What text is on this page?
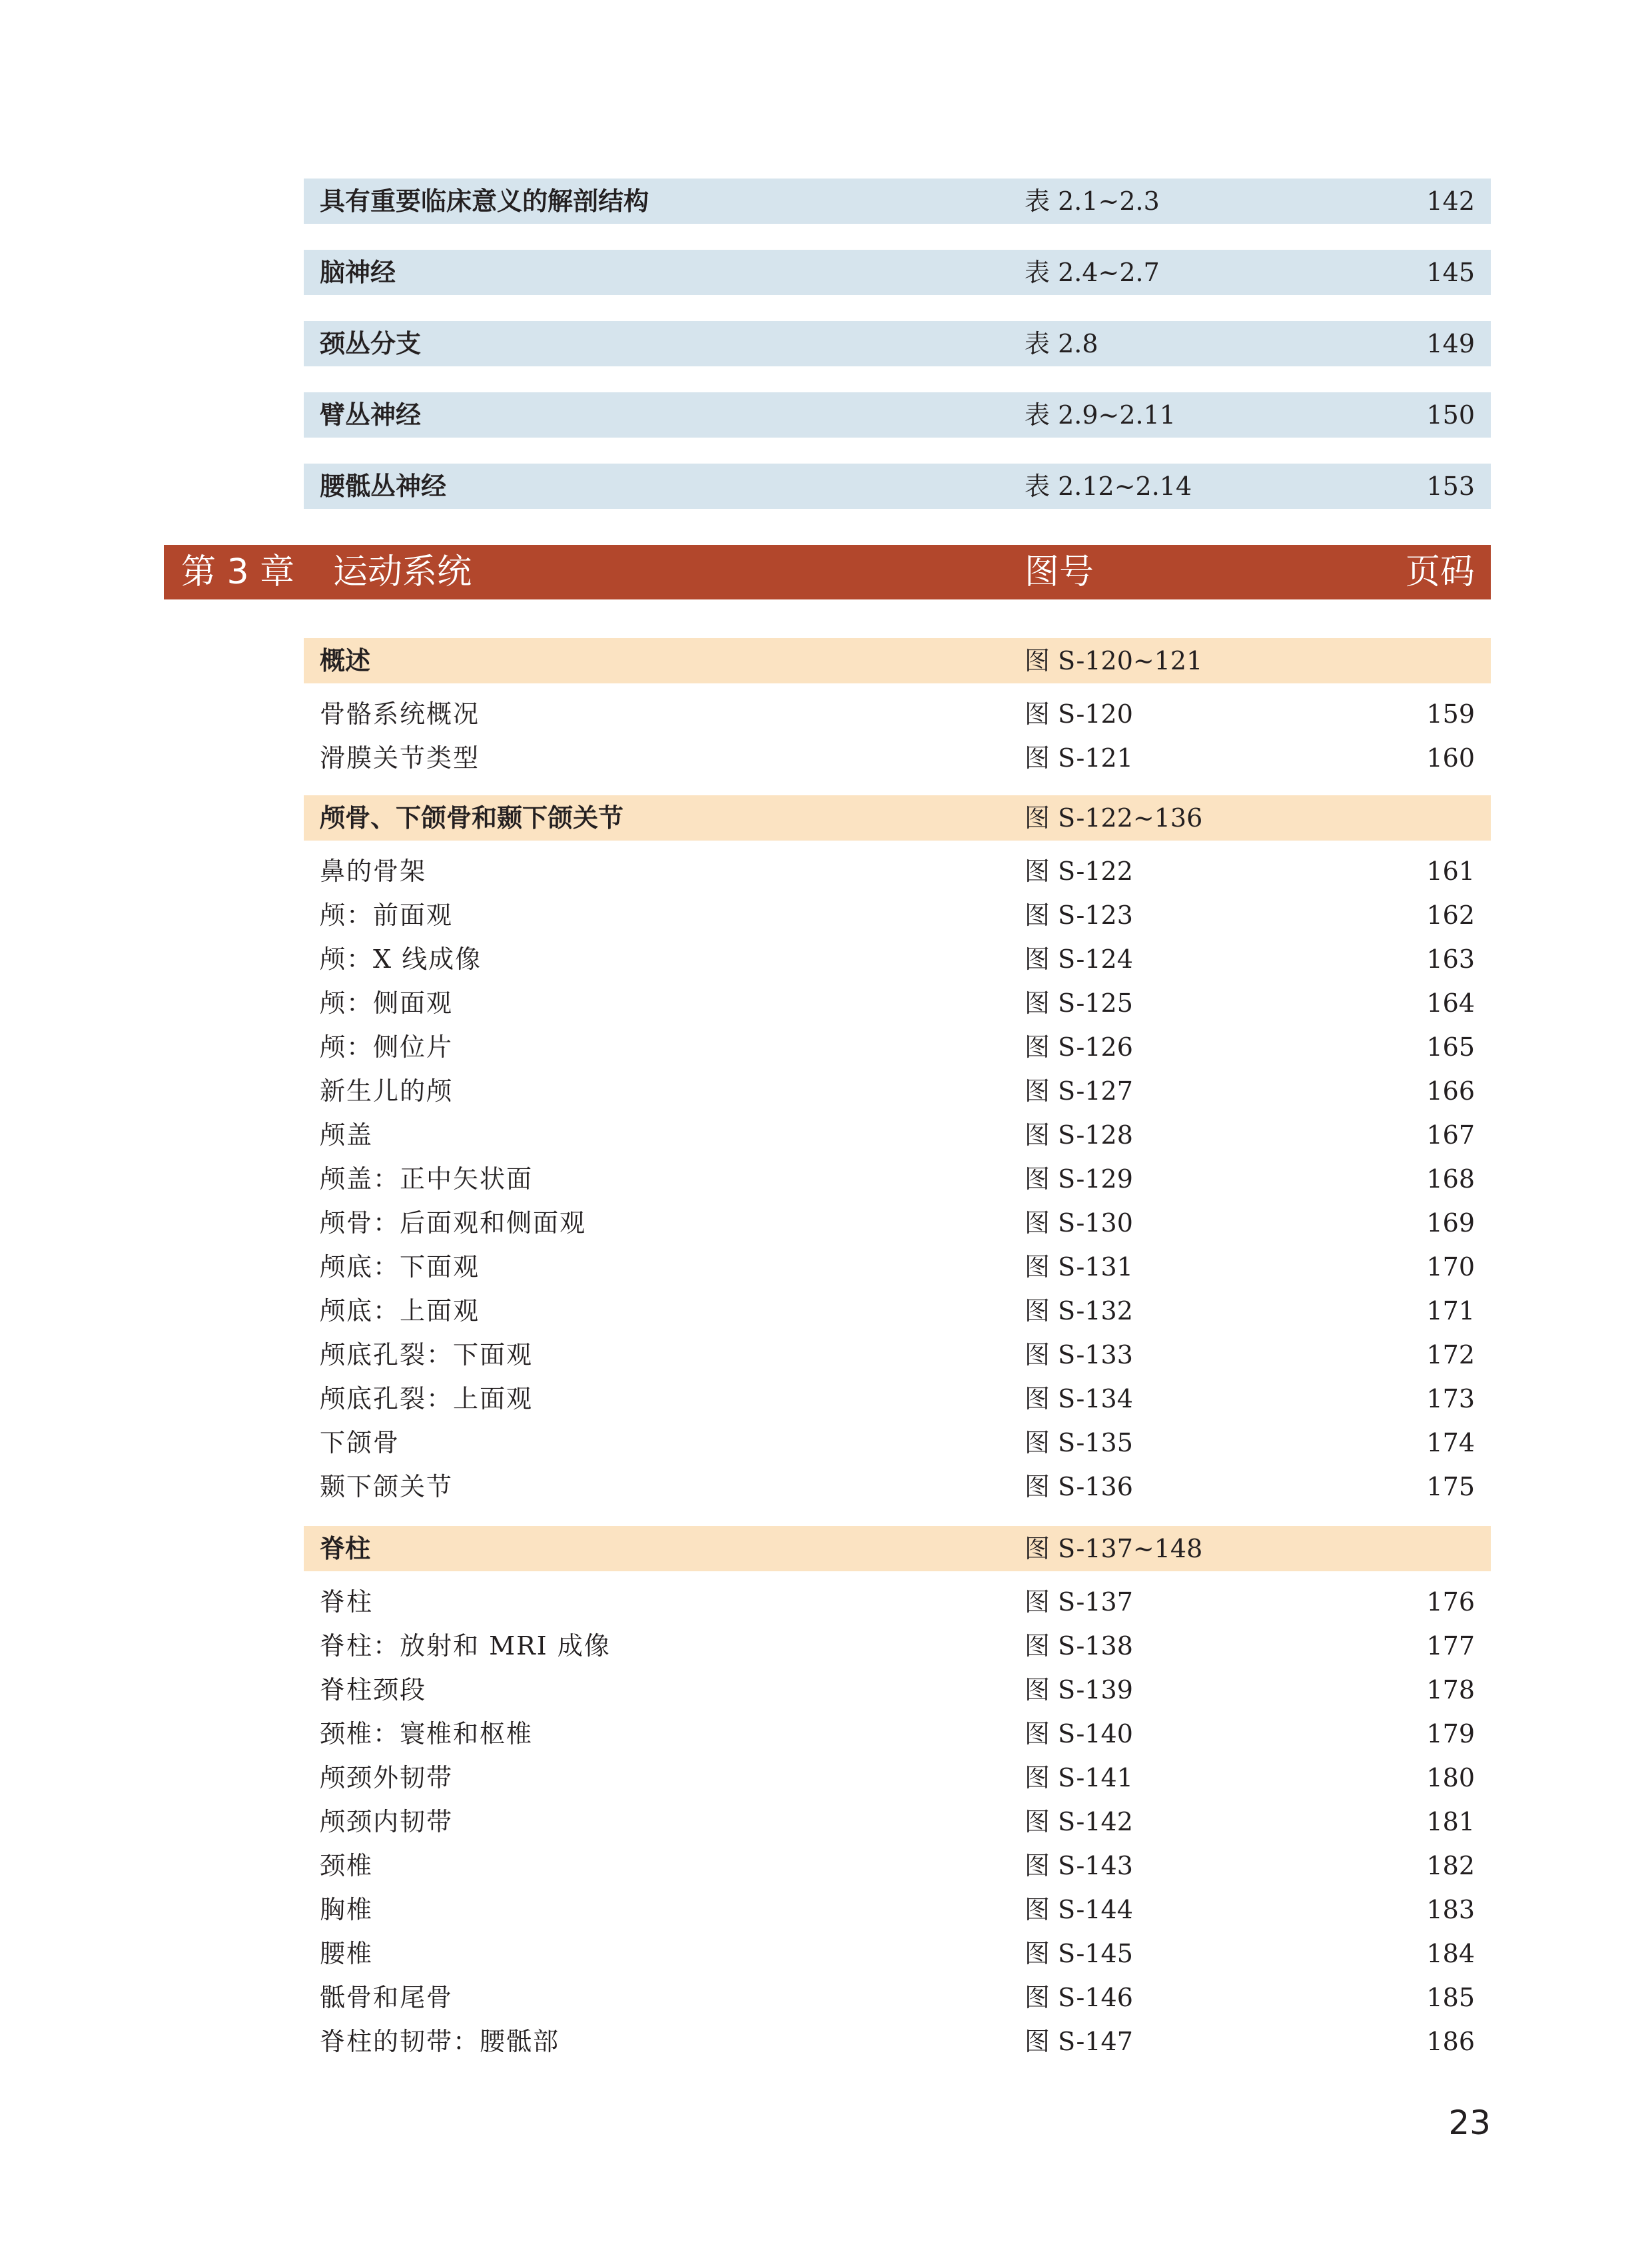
具有重要临床意义的解剖结构	表 2.1~2.3	142
脑神经	表 2.4~2.7	145
颈丛分支	表 2.8	149
臂丛神经	表 2.9~2.11	150
腰骶丛神经	表 2.12~2.14	153
第 3 章 运动系统	图号	页码
概述	图 S-120~121
骨骼系统概况	图 S-120	159
滑膜关节类型	图 S-121	160
颅骨、下颌骨和颞下颌关节	图 S-122~136
鼻的骨架	图 S-122	161
颅：前面观	图 S-123	162
颅：X 线成像	图 S-124	163
颅：侧面观	图 S-125	164
颅：侧位片	图 S-126	165
新生儿的颅	图 S-127	166
颅盖	图 S-128	167
颅盖：正中矢状面	图 S-129	168
颅骨：后面观和侧面观	图 S-130	169
颅底：下面观	图 S-131	170
颅底：上面观	图 S-132	171
颅底孔裂：下面观	图 S-133	172
颅底孔裂：上面观	图 S-134	173
下颌骨	图 S-135	174
颞下颌关节	图 S-136	175
脊柱	图 S-137~148
脊柱	图 S-137	176
脊柱：放射和 MRI 成像	图 S-138	177
脊柱颈段	图 S-139	178
颈椎：寰椎和枢椎	图 S-140	179
颅颈外韧带	图 S-141	180
颅颈内韧带	图 S-142	181
颈椎	图 S-143	182
胸椎	图 S-144	183
腰椎	图 S-145	184
骶骨和尾骨	图 S-146	185
脊柱的韧带：腰骶部	图 S-147	186
23
